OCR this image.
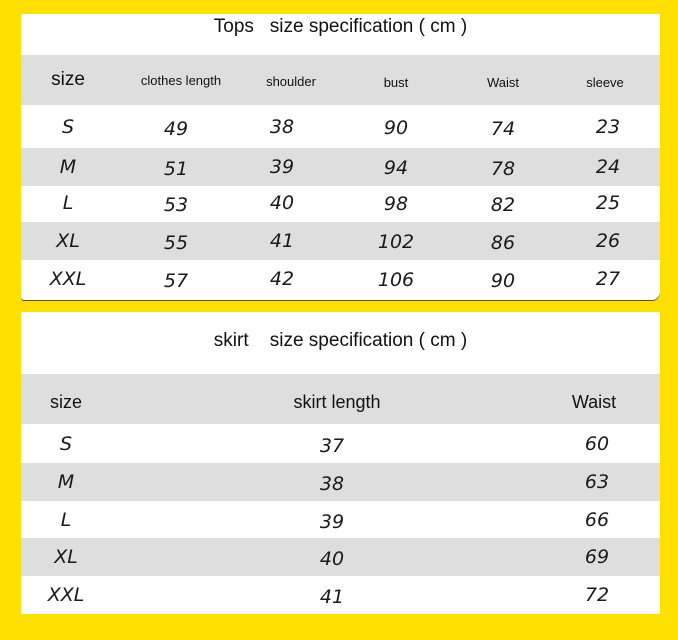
Tops   size specification ( cm )
size	clothes length	shoulder	bust	Waist	sleeve
S	49	38	90	74	23
M	51	39	94	78	24
L	53	40	98	82	25
XL	55	41	102	86	26
XXL	57	42	106	90	27
skirt    size specification ( cm )
size	skirt length	Waist
S	37	60
M	38	63
L	39	66
XL	40	69
XXL	41	72
